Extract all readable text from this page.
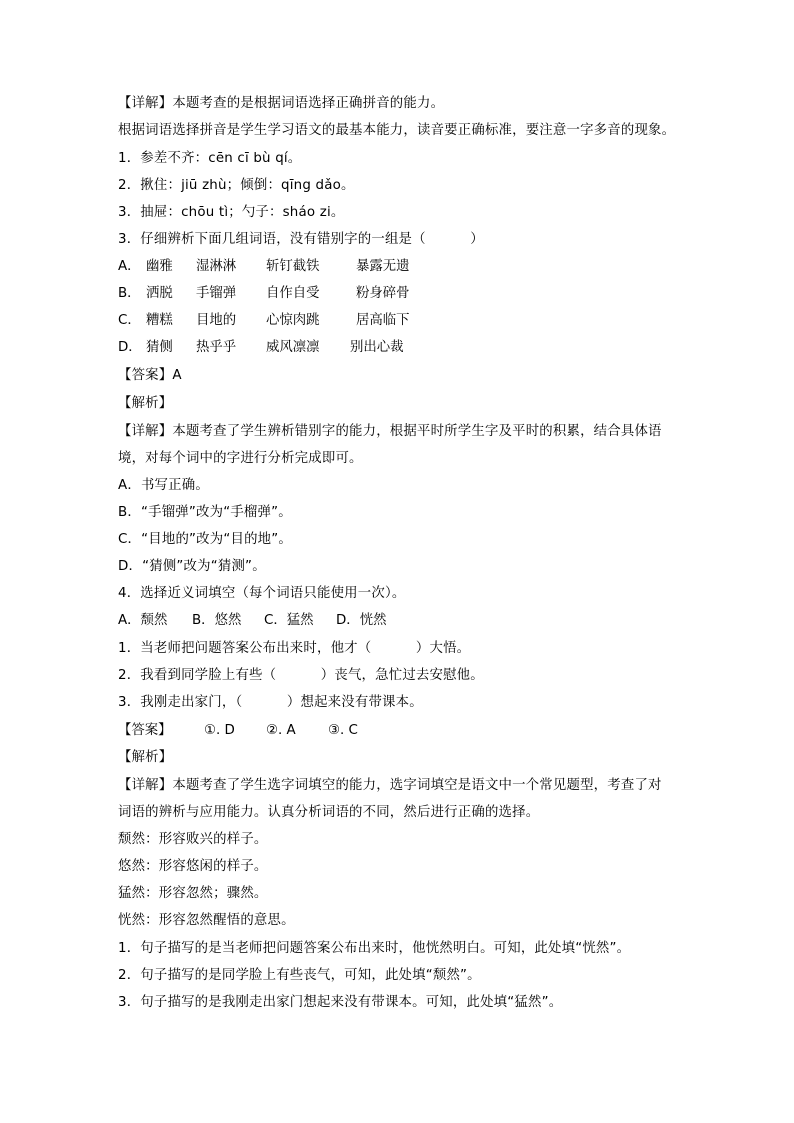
【详解】本题考查的是根据词语选择正确拼音的能力。
根据词语选择拼音是学生学习语文的最基本能力，读音要正确标准，要注意一字多音的现象。
1．参差不齐：cēn cī bù qí。
2．揪住：jiū zhù；倾倒：qīng dǎo。
3．抽屉：chōu tì；勺子：sháo zi。
3．仔细辨析下面几组词语，没有错别字的一组是（          ）
A． 幽雅 湿淋淋 斩钉截铁	暴露无遗
B． 洒脱 手镏弹 自作自受	粉身碎骨
C． 糟糕 目地的 心惊肉跳	居高临下
D． 猜侧 热乎乎 威风凛凛 别出心裁
【答案】A
【解析】
【详解】本题考查了学生辨析错别字的能力，根据平时所学生字及平时的积累，结合具体语
境，对每个词中的字进行分析完成即可。
A．书写正确。
B．“手镏弹”改为“手榴弹”。
C．“目地的”改为“目的地”。
D．“猜侧”改为“猜测”。
4．选择近义词填空（每个词语只能使用一次）。
A．颓然 B．悠然 C．猛然 D．恍然
1．当老师把问题答案公布出来时，他才（          ）大悟。
2．我看到同学脸上有些（          ）丧气，急忙过去安慰他。
3．我刚走出家门，（          ）想起来没有带课本。
【答案】 ①. D ②. A ③. C
【解析】
【详解】本题考查了学生选字词填空的能力，选字词填空是语文中一个常见题型，考查了对
词语的辨析与应用能力。认真分析词语的不同，然后进行正确的选择。
颓然：形容败兴的样子。
悠然：形容悠闲的样子。
猛然：形容忽然；骤然。
恍然：形容忽然醒悟的意思。
1．句子描写的是当老师把问题答案公布出来时，他恍然明白。可知，此处填“恍然”。
2．句子描写的是同学脸上有些丧气，可知，此处填“颓然”。
3．句子描写的是我刚走出家门想起来没有带课本。可知，此处填“猛然”。
